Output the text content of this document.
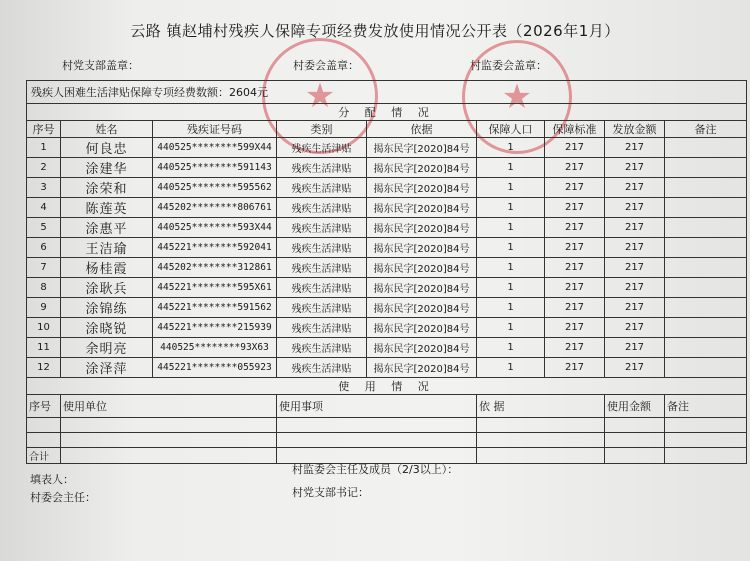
云路 镇赵埔村残疾人保障专项经费发放使用情况公开表（2026年1月）
村党支部盖章：	村委会盖章：	村监委会盖章：
★	★
残疾人困难生活津贴保障专项经费数额：2604元								
分 配 情 况								
序号	姓名	残疾证号码	类别	依据	保障人口	保障标准	发放金额	备注
1	何良忠	440525********599X44	残疾生活津贴	揭东民字[2020]84号	1	217	217	
2	涂建华	440525********591143	残疾生活津贴	揭东民字[2020]84号	1	217	217	
3	涂荣和	440525********595562	残疾生活津贴	揭东民字[2020]84号	1	217	217	
4	陈莲英	445202********806761	残疾生活津贴	揭东民字[2020]84号	1	217	217	
5	涂惠平	440525********593X44	残疾生活津贴	揭东民字[2020]84号	1	217	217	
6	王洁瑜	445221********592041	残疾生活津贴	揭东民字[2020]84号	1	217	217	
7	杨桂霞	445202********312861	残疾生活津贴	揭东民字[2020]84号	1	217	217	
8	涂耿兵	445221********595X61	残疾生活津贴	揭东民字[2020]84号	1	217	217	
9	涂锦练	445221********591562	残疾生活津贴	揭东民字[2020]84号	1	217	217	
10	涂晓锐	445221********215939	残疾生活津贴	揭东民字[2020]84号	1	217	217	
11	余明亮	440525********93X63	残疾生活津贴	揭东民字[2020]84号	1	217	217	
12	涂泽萍	445221********055923	残疾生活津贴	揭东民字[2020]84号	1	217	217	
使 用 情 况								
序号	使用单位		使用事项		依 据		使用金额	备注

合计								
填表人：
村委会主任：
村监委会主任及成员（2/3以上）：
村党支部书记：
